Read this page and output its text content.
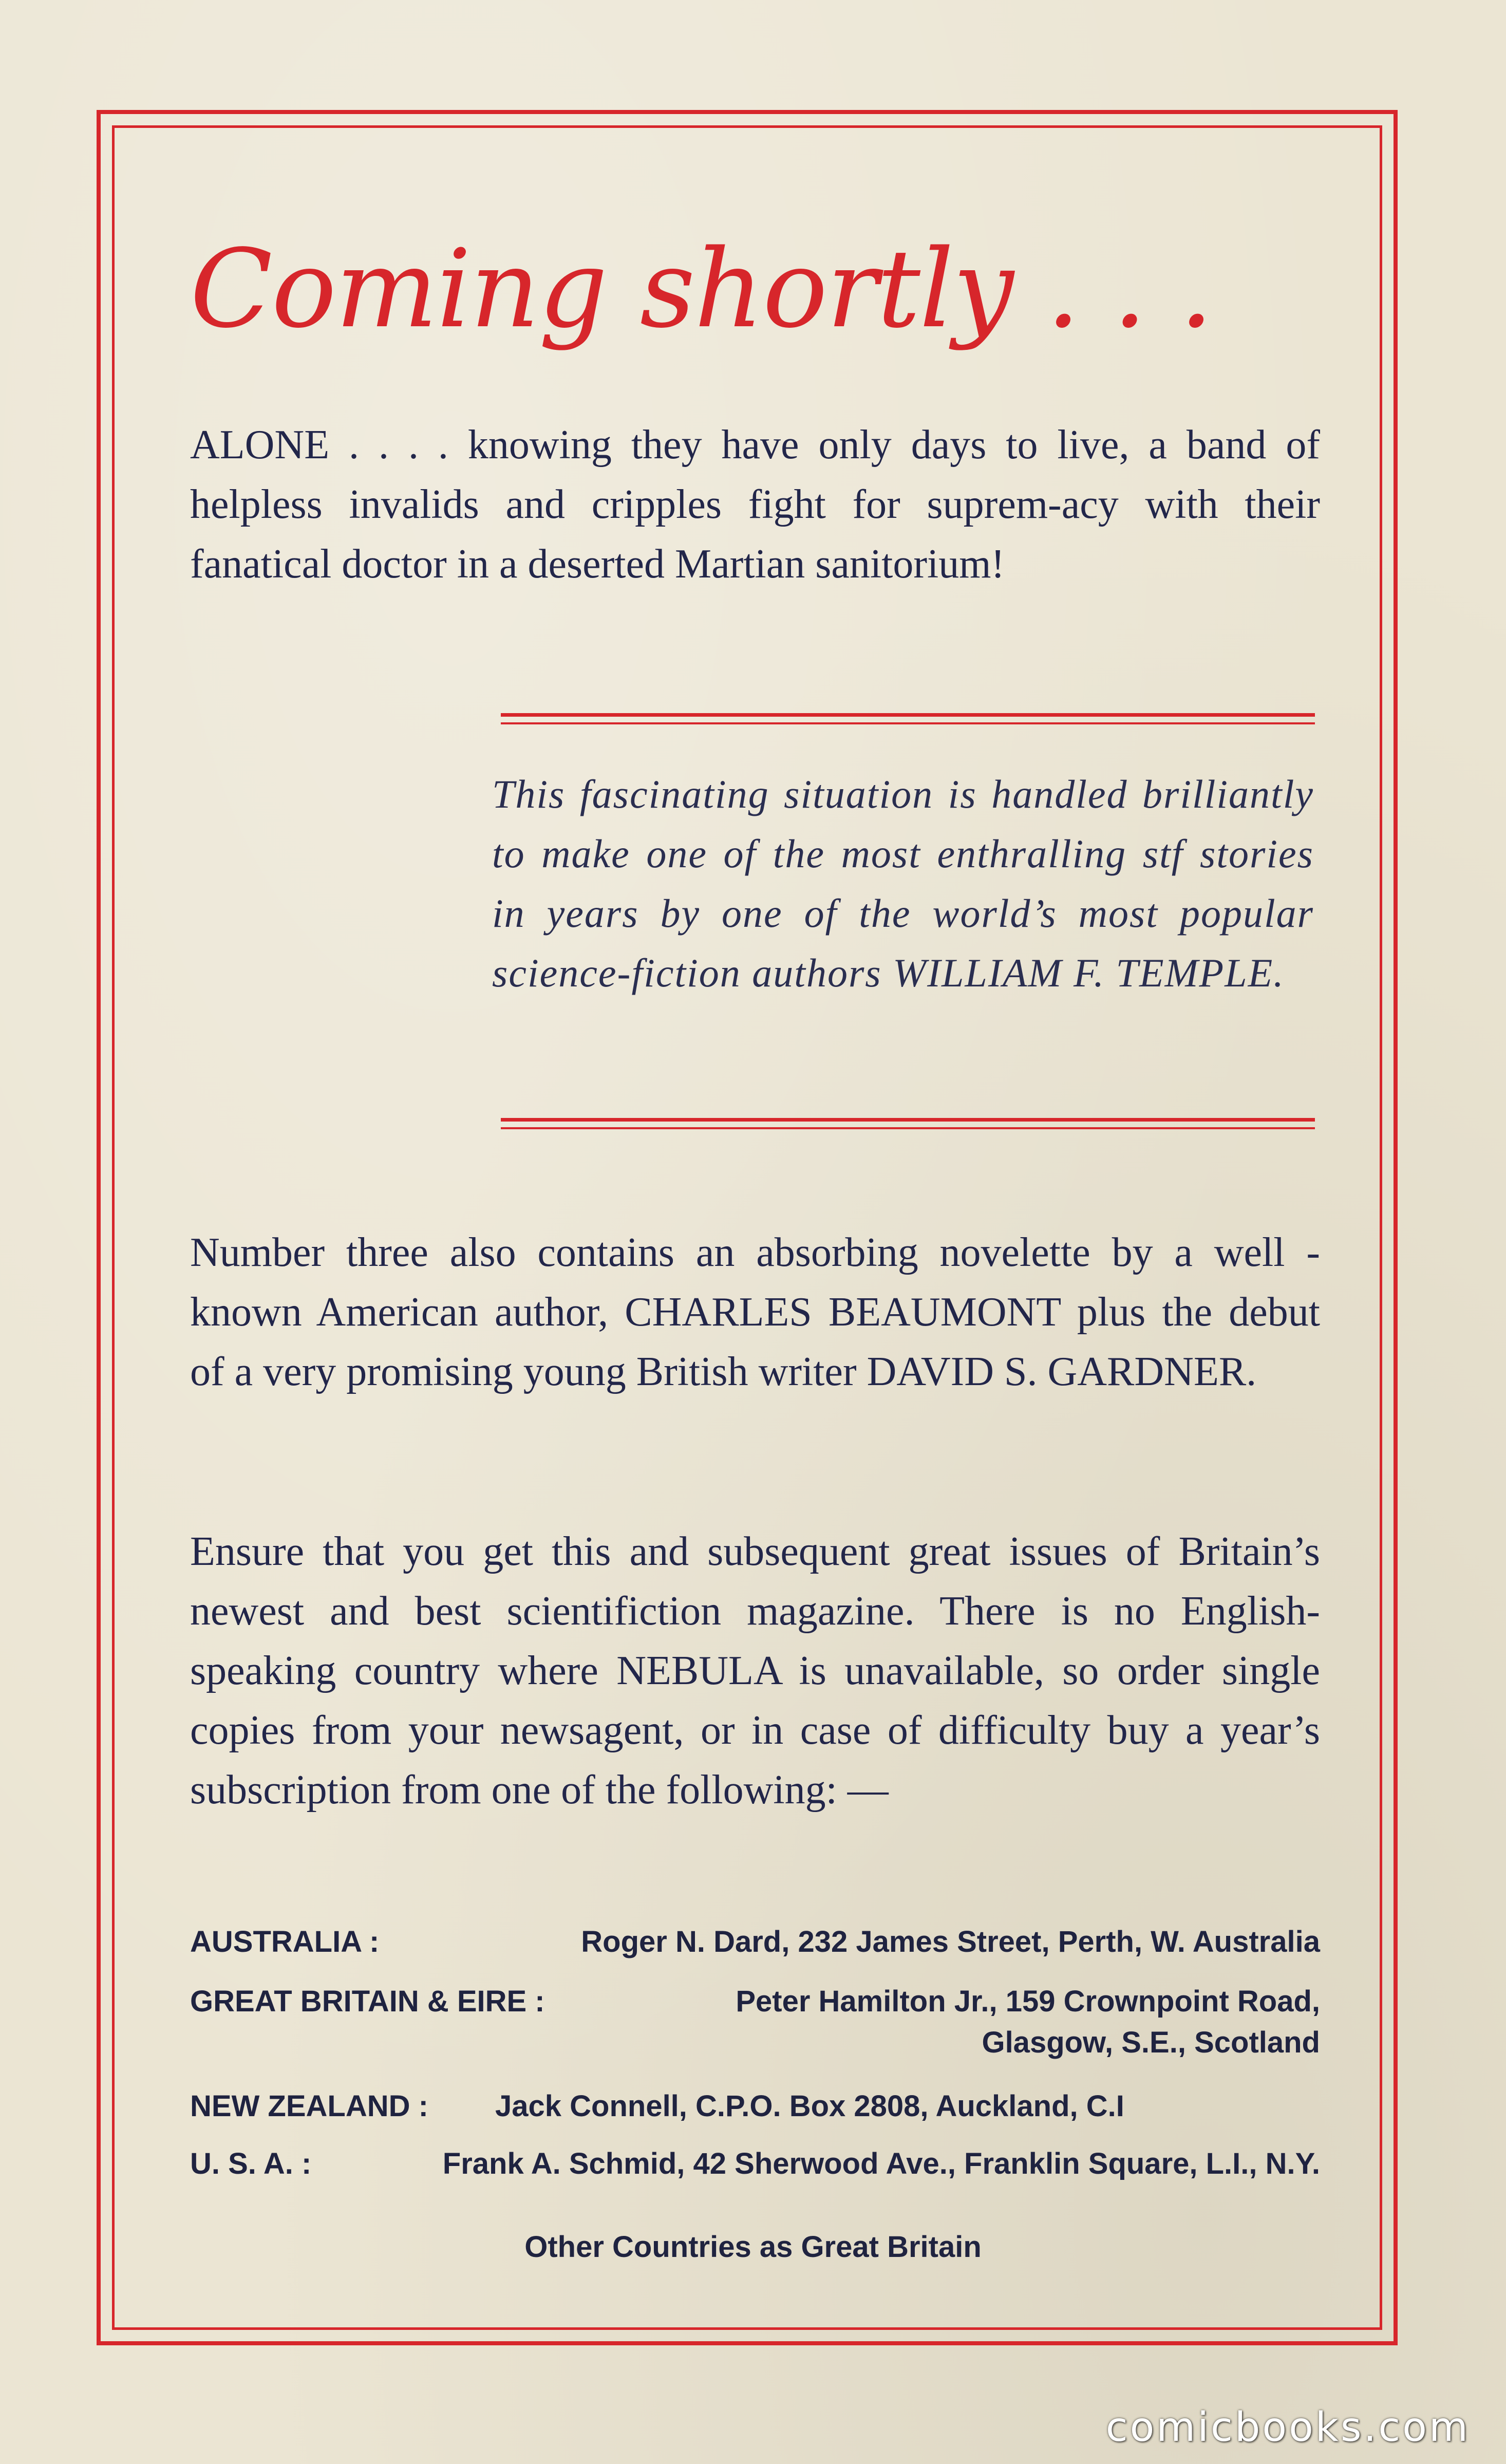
Coming shortly . . .
ALONE . . . . knowing they have only days to live, a band of helpless invalids and cripples fight for suprem-acy with their fanatical doctor in a deserted Martian sanitorium!
This fascinating situation is handled brilliantly to make one of the most enthralling stf stories in years by one of the world’s most popular science-fiction authors WILLIAM F. TEMPLE.
Number three also contains an absorbing novelette by a well - known American author, CHARLES BEAUMONT plus the debut of a very promising young British writer DAVID S. GARDNER.
Ensure that you get this and subsequent great issues of Britain’s newest and best scientifiction magazine. There is no English-speaking country where NEBULA is unavailable, so order single copies from your newsagent, or in case of difficulty buy a year’s subscription from one of the following: —
AUSTRALIA :	Roger N. Dard, 232 James Street, Perth, W. Australia
GREAT BRITAIN & EIRE :	Peter Hamilton Jr., 159 Crownpoint Road,
Glasgow, S.E., Scotland
NEW ZEALAND : Jack Connell, C.P.O. Box 2808, Auckland, C.I
U. S. A. :	Frank A. Schmid, 42 Sherwood Ave., Franklin Square, L.I., N.Y.
Other Countries as Great Britain
comicbooks.com
